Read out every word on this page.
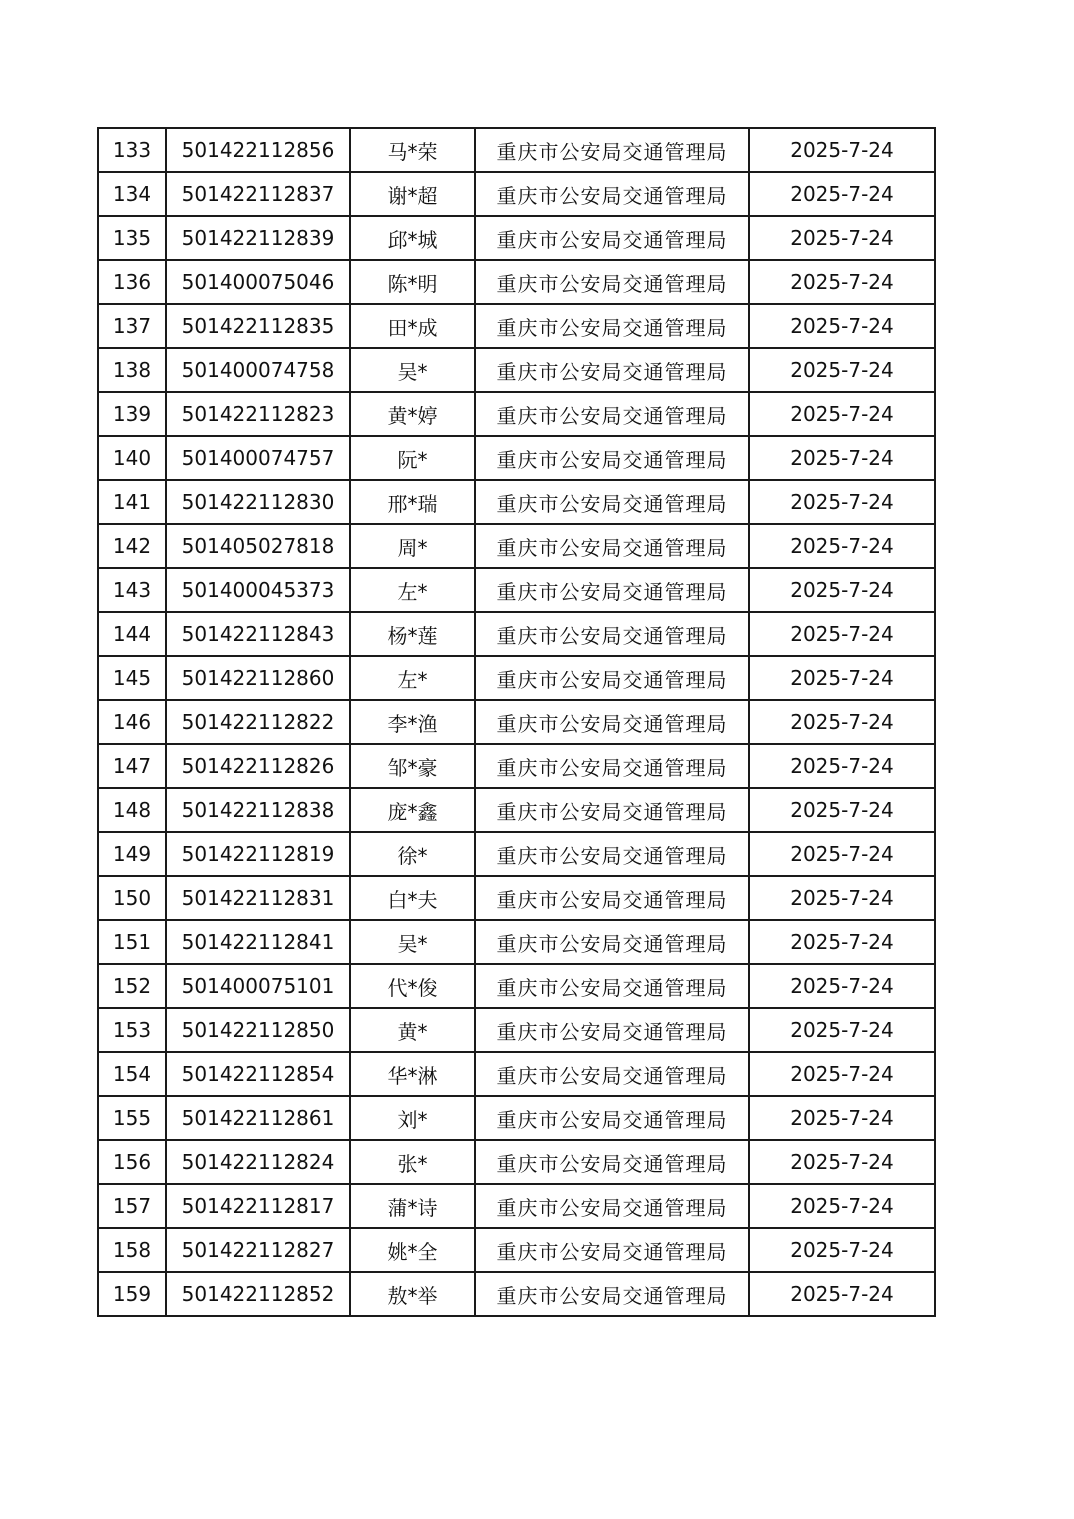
133	501422112856	马*荣	重庆市公安局交通管理局	2025-7-24
134	501422112837	谢*超	重庆市公安局交通管理局	2025-7-24
135	501422112839	邱*城	重庆市公安局交通管理局	2025-7-24
136	501400075046	陈*明	重庆市公安局交通管理局	2025-7-24
137	501422112835	田*成	重庆市公安局交通管理局	2025-7-24
138	501400074758	吴*	重庆市公安局交通管理局	2025-7-24
139	501422112823	黄*婷	重庆市公安局交通管理局	2025-7-24
140	501400074757	阮*	重庆市公安局交通管理局	2025-7-24
141	501422112830	邢*瑞	重庆市公安局交通管理局	2025-7-24
142	501405027818	周*	重庆市公安局交通管理局	2025-7-24
143	501400045373	左*	重庆市公安局交通管理局	2025-7-24
144	501422112843	杨*莲	重庆市公安局交通管理局	2025-7-24
145	501422112860	左*	重庆市公安局交通管理局	2025-7-24
146	501422112822	李*渔	重庆市公安局交通管理局	2025-7-24
147	501422112826	邹*豪	重庆市公安局交通管理局	2025-7-24
148	501422112838	庞*鑫	重庆市公安局交通管理局	2025-7-24
149	501422112819	徐*	重庆市公安局交通管理局	2025-7-24
150	501422112831	白*夫	重庆市公安局交通管理局	2025-7-24
151	501422112841	吴*	重庆市公安局交通管理局	2025-7-24
152	501400075101	代*俊	重庆市公安局交通管理局	2025-7-24
153	501422112850	黄*	重庆市公安局交通管理局	2025-7-24
154	501422112854	华*淋	重庆市公安局交通管理局	2025-7-24
155	501422112861	刘*	重庆市公安局交通管理局	2025-7-24
156	501422112824	张*	重庆市公安局交通管理局	2025-7-24
157	501422112817	蒲*诗	重庆市公安局交通管理局	2025-7-24
158	501422112827	姚*全	重庆市公安局交通管理局	2025-7-24
159	501422112852	敖*举	重庆市公安局交通管理局	2025-7-24
